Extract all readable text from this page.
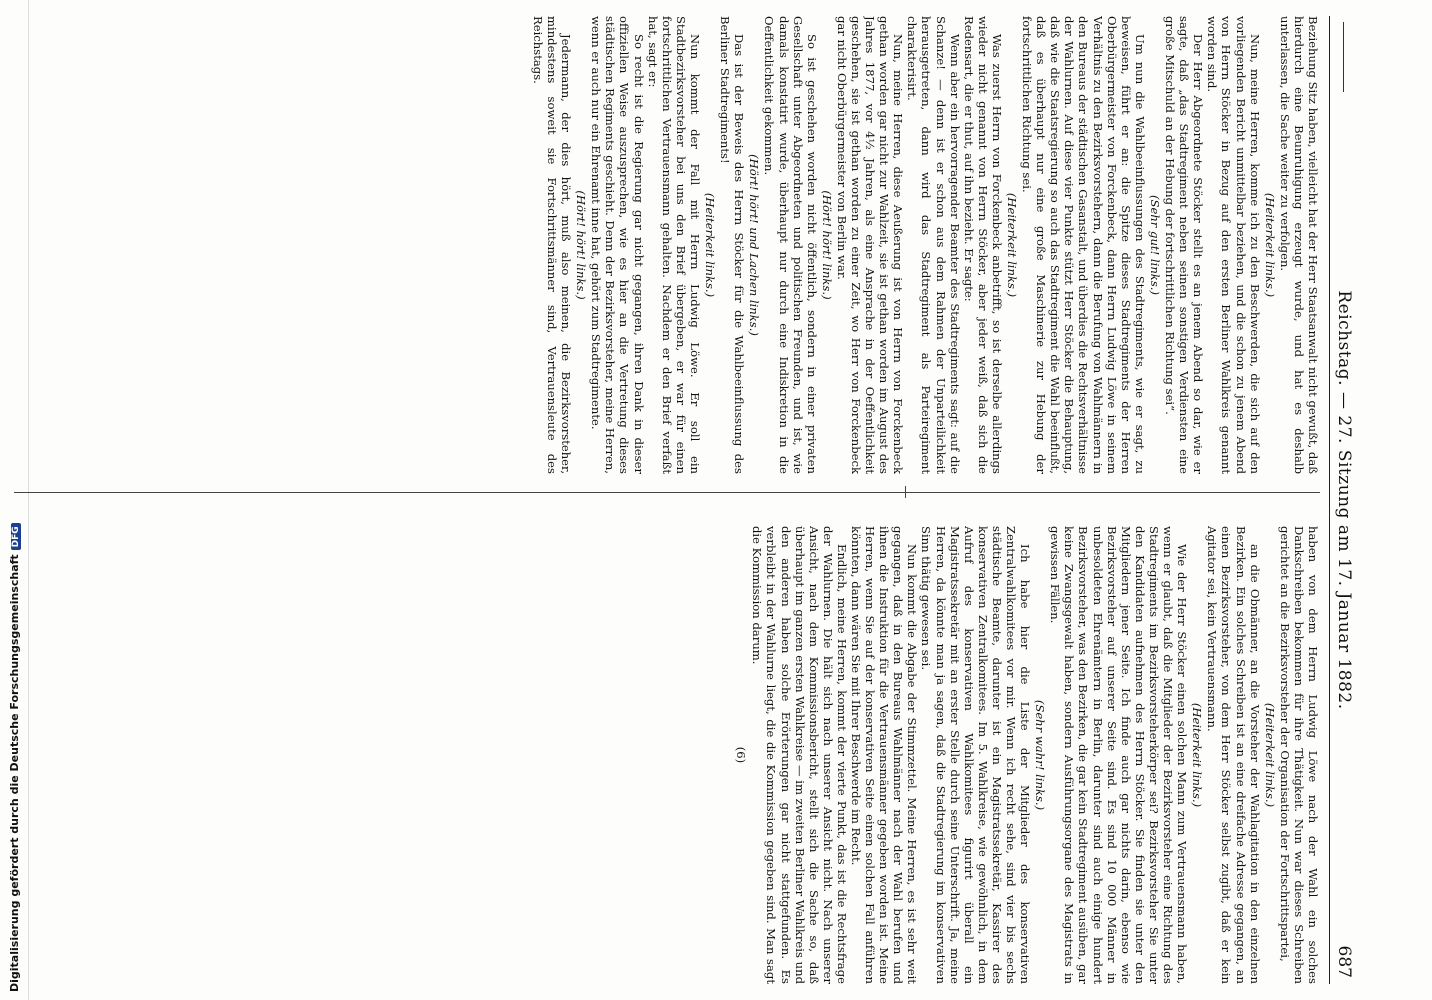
Digitalisierung gefördert durch die Deutsche ForschungsgemeinschaftDFG	Reichstag. — 27. Sitzung am 17. Januar 1882.
687

Beziehung Sitz haben, vielleicht hat der Herr Staatsanwalt nicht gewußt, daß hierdurch eine Beunruhigung erzeugt wurde, und hat es deshalb unterlassen, die Sache weiter zu verfolgen.

(Heiterkeit links.)

Nun, meine Herren, komme ich zu den Beschwerden, die sich auf den vorliegenden Bericht unmittelbar beziehen, und die schon zu jenem Abend von Herrn Stöcker in Bezug auf den ersten Berliner Wahlkreis genannt worden sind.

Der Herr Abgeordnete Stöcker stellt es an jenem Abend so dar, wie er sagte, daß „das Stadtregiment neben seinen sonstigen Verdiensten eine große Mitschuld an der Hebung der fortschrittlichen Richtung sei“.

(Sehr gut! links.)

Um nun die Wahlbeeinflussungen des Stadtregiments, wie er sagt, zu beweisen, führt er an: die Spitze dieses Stadtregiments der Herren Oberbürgermeister von Forckenbeck, dann Herrn Ludwig Löwe in seinem Verhältnis zu den Bezirksvorstehern, dann die Berufung von Wahlmännern in den Bureaus der städtischen Gasanstalt, und überdies die Rechtsverhältnisse der Wahlurnen. Auf diese vier Punkte stützt Herr Stöcker die Behauptung, daß wie die Staatsregierung so auch das Stadtregiment die Wahl beeinflußt, daß es überhaupt nur eine große Maschinerie zur Hebung der fortschrittlichen Richtung sei.

(Heiterkeit links.)

Was zuerst Herrn von Forckenbeck anbetrifft, so ist derselbe allerdings wieder nicht genannt von Herrn Stöcker, aber jeder weiß, daß sich die Redensart, die er thut, auf ihn bezieht. Er sagte:

Wenn aber ein hervorragender Beamter des Stadtregiments sagt: auf die Schanze! — denn ist er schon aus dem Rahmen der Unparteilichkeit herausgetreten, dann wird das Stadtregiment als Parteiregiment charakterisirt.

Nun, meine Herren, diese Aeußerung ist von Herrn von Forckenbeck gethan worden gar nicht zur Wahlzeit, sie ist gethan worden im August des Jahres 1877, vor 4½ Jahren, als eine Ansprache in der Oeffentlichkeit geschehen, sie ist gethan worden zu einer Zeit, wo Herr von Forckenbeck gar nicht Oberbürgermeister von Berlin war.

(Hört! hört! links.)

So ist geschehen worden nicht öffentlich, sondern in einer privaten Gesellschaft unter Abgeordneten und politischen Freunden, und ist, wie damals konstatirt wurde, überhaupt nur durch eine Indiskretion in die Oeffentlichkeit gekommen.

(Hört! hört! und Lachen links.)

Das ist der Beweis des Herrn Stöcker für die Wahlbeeinflussung des Berliner Stadtregiments!

(Heiterkeit links.)

Nun kommt der Fall mit Herrn Ludwig Löwe. Er soll ein Stadtbezirksvorsteher bei uns den Brief übergeben, er war für einen fortschrittlichen Vertrauensmann gehalten. Nachdem er den Brief verfaßt hat, sagt er:

So recht ist die Regierung gar nicht gegangen, ihren Dank in dieser offiziellen Weise auszusprechen, wie es hier an die Vertretung dieses städtischen Regiments geschieht. Denn der Bezirksvorsteher, meine Herren, wenn er auch nur ein Ehrenamt inne hat, gehört zum Stadtregimente.

(Hört! hört! links.)

Jedermann, der dies hört, muß also meinen, die Bezirksvorsteher, mindestens soweit sie Fortschrittsmänner sind, Vertrauensleute des Reichstags.

haben von dem Herrn Ludwig Löwe nach der Wahl ein solches Dankschreiben bekommen für ihre Thätigkeit. Nun war dieses Schreiben gerichtet an die Bezirksvorsteher der Organisation der Fortschrittspartei,

(Heiterkeit links.)

an die Obmänner, an die Vorsteher der Wahlagitation in den einzelnen Bezirken. Ein solches Schreiben ist an eine dreifache Adresse gegangen, an einen Bezirksvorsteher, von dem Herr Stöcker selbst zugibt, daß er kein Agitator sei, kein Vertrauensmann.

(Heiterkeit links.)

Wie der Herr Stöcker einen solchen Mann zum Vertrauensmann haben, wenn er glaubt, daß die Mitglieder der Bezirksvorsteher eine Richtung des Stadtregiments im Bezirksvorsteherkörper sei? Bezirksvorsteher Sie unter den Kandidaten aufnehmen des Herrn Stöcker. Sie finden sie unter den Mitgliedern jener Seite. Ich finde auch gar nichts darin, ebenso wie Bezirksvorsteher auf unserer Seite sind. Es sind 10 000 Männer in unbesoldeten Ehrenämtern in Berlin, darunter sind auch einige hundert Bezirksvorsteher, was den Bezirken, die gar kein Stadtregiment ausüben, gar keine Zwangsgewalt haben, sondern Ausführungsorgane des Magistrats in gewissen Fällen.

(Sehr wahr! links.)

Ich habe hier die Liste der Mitglieder des konservativen Zentralwahlkomitees vor mir. Wenn ich recht sehe, sind vier bis sechs städtische Beamte, darunter ist ein Magistratssekretär, Kassirer des konservativen Zentralkomitees. Im 5. Wahlkreise, wie gewöhnlich, in dem Aufruf des konservativen Wahlkomitees figurirt überall ein Magistratssekretär mit an erster Stelle durch seine Unterschrift. Ja, meine Herren, da könnte man ja sagen, daß die Stadtregierung im konservativen Sinn thätig gewesen sei.

Nun kommt die Abgabe der Stimmzettel. Meine Herren, es ist sehr weit gegangen, daß in den Bureaus Wahlmänner nach der Wahl berufen und ihnen die Instruktion für die Vertrauensmänner gegeben worden ist. Meine Herren, wenn Sie auf der konservativen Seite einen solchen Fall anführen könnten, dann wären Sie mit Ihrer Beschwerde im Recht.

Endlich, meine Herren, kommt der vierte Punkt, das ist die Rechtsfrage der Wahlurnen. Die hält sich nach unserer Ansicht nicht. Nach unserer Ansicht, nach dem Kommissionsbericht, stellt sich die Sache so, daß überhaupt im ganzen ersten Wahlkreise — im zweiten Berliner Wahlkreis und den anderen haben solche Erörterungen gar nicht stattgefunden. Es verbleibt in der Wahlurne liegt, die die Kommission gegeben sind. Man sagt die Kommission darum.

(6)
